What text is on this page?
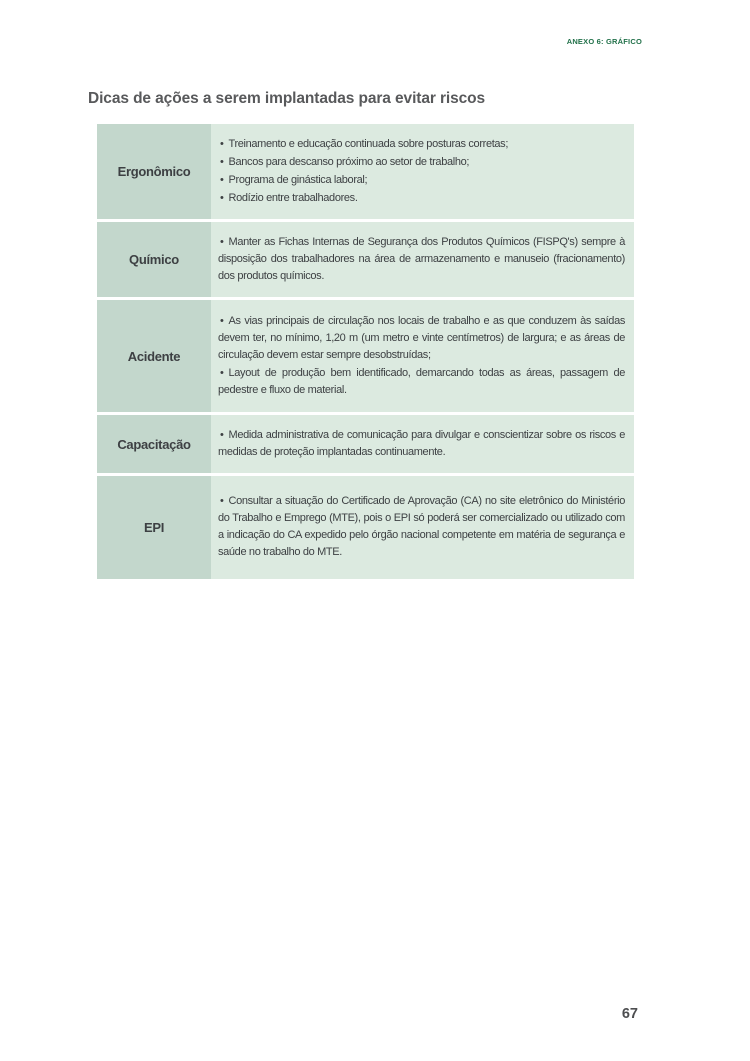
ANEXO 6: GRÁFICO
Dicas de ações a serem implantadas para evitar riscos
Ergonômico

• Treinamento e educação continuada sobre posturas corretas;

• Bancos para descanso próximo ao setor de trabalho;

• Programa de ginástica laboral;

• Rodízio entre trabalhadores.

Químico

• Manter as Fichas Internas de Segurança dos Produtos Químicos (FISPQ's) sempre à disposição dos trabalhadores na área de armazenamento e manuseio (fracionamento) dos produtos químicos.

Acidente

• As vias principais de circulação nos locais de trabalho e as que conduzem às saídas devem ter, no mínimo, 1,20 m (um metro e vinte centímetros) de largura; e as áreas de circulação devem estar sempre desobstruídas;

• Layout de produção bem identificado, demarcando todas as áreas, passagem de pedestre e fluxo de material.

Capacitação

• Medida administrativa de comunicação para divulgar e conscientizar sobre os riscos e medidas de proteção implantadas continuamente.

EPI

• Consultar a situação do Certificado de Aprovação (CA) no site eletrônico do Ministério do Trabalho e Emprego (MTE), pois o EPI só poderá ser comercializado ou utilizado com a indicação do CA expedido pelo órgão nacional competente em matéria de segurança e saúde no trabalho do MTE.

67
